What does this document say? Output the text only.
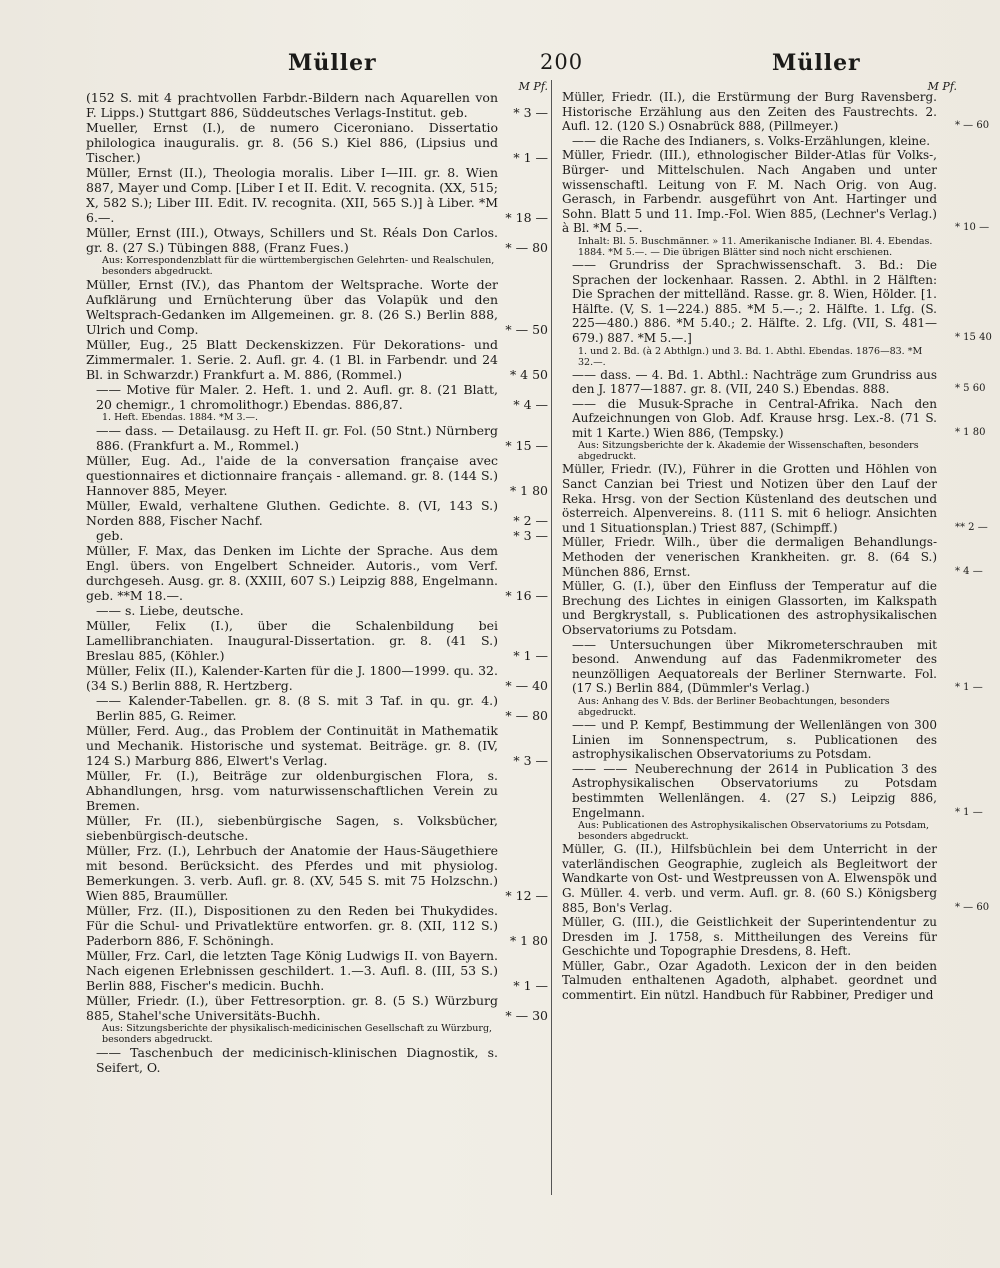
Müller	200	Müller
M Pf.

(152 S. mit 4 prachtvollen Farbdr.-Bildern nach Aquarellen von F. Lipps.) Stuttgart 886, Süddeutsches Verlags-Institut. geb.	* 3 —

Mueller, Ernst (I.), de numero Ciceroniano. Dissertatio philologica inauguralis. gr. 8. (56 S.) Kiel 886, (Lipsius und Tischer.)	* 1 —

Müller, Ernst (II.), Theologia moralis. Liber I—III. gr. 8. Wien 887, Mayer und Comp. [Liber I et II. Edit. V. recognita. (XX, 515; X, 582 S.); Liber III. Edit. IV. recognita. (XII, 565 S.)] à Liber. *M 6.—.	* 18 —

Müller, Ernst (III.), Otways, Schillers und St. Réals Don Carlos. gr. 8. (27 S.) Tübingen 888, (Franz Fues.)	* — 80

Aus: Korrespondenzblatt für die württembergischen Gelehrten- und Realschulen, besonders abgedruckt.

Müller, Ernst (IV.), das Phantom der Weltsprache. Worte der Aufklärung und Ernüchterung über das Volapük und den Weltsprach-Gedanken im Allgemeinen. gr. 8. (26 S.) Berlin 888, Ulrich und Comp.	* — 50

Müller, Eug., 25 Blatt Deckenskizzen. Für Dekorations- und Zimmermaler. 1. Serie. 2. Aufl. gr. 4. (1 Bl. in Farbendr. und 24 Bl. in Schwarzdr.) Frankfurt a. M. 886, (Rommel.)	* 4 50

—— Motive für Maler. 2. Heft. 1. und 2. Aufl. gr. 8. (21 Blatt, 20 chemigr., 1 chromolithogr.) Ebendas. 886,87.	* 4 —

1. Heft. Ebendas. 1884. *M 3.—.

—— dass. — Detailausg. zu Heft II. gr. Fol. (50 Stnt.) Nürnberg 886. (Frankfurt a. M., Rommel.)	* 15 —

Müller, Eug. Ad., l'aide de la conversation française avec questionnaires et dictionnaire français - allemand. gr. 8. (144 S.) Hannover 885, Meyer.	* 1 80

Müller, Ewald, verhaltene Gluthen. Gedichte. 8. (VI, 143 S.) Norden 888, Fischer Nachf.	* 2 —

geb.	* 3 —

Müller, F. Max, das Denken im Lichte der Sprache. Aus dem Engl. übers. von Engelbert Schneider. Autoris., vom Verf. durchgeseh. Ausg. gr. 8. (XXIII, 607 S.) Leipzig 888, Engelmann. geb. **M 18.—.	* 16 —

—— s. Liebe, deutsche.

Müller, Felix (I.), über die Schalenbildung bei Lamellibranchiaten. Inaugural-Dissertation. gr. 8. (41 S.) Breslau 885, (Köhler.)	* 1 —

Müller, Felix (II.), Kalender-Karten für die J. 1800—1999. qu. 32. (34 S.) Berlin 888, R. Hertzberg.	* — 40

—— Kalender-Tabellen. gr. 8. (8 S. mit 3 Taf. in qu. gr. 4.) Berlin 885, G. Reimer.	* — 80

Müller, Ferd. Aug., das Problem der Continuität in Mathematik und Mechanik. Historische und systemat. Beiträge. gr. 8. (IV, 124 S.) Marburg 886, Elwert's Verlag.	* 3 —

Müller, Fr. (I.), Beiträge zur oldenburgischen Flora, s. Abhandlungen, hrsg. vom naturwissenschaftlichen Verein zu Bremen.

Müller, Fr. (II.), siebenbürgische Sagen, s. Volksbücher, siebenbürgisch-deutsche.

Müller, Frz. (I.), Lehrbuch der Anatomie der Haus-Säugethiere mit besond. Berücksicht. des Pferdes und mit physiolog. Bemerkungen. 3. verb. Aufl. gr. 8. (XV, 545 S. mit 75 Holzschn.) Wien 885, Braumüller.	* 12 —

Müller, Frz. (II.), Dispositionen zu den Reden bei Thukydides. Für die Schul- und Privatlektüre entworfen. gr. 8. (XII, 112 S.) Paderborn 886, F. Schöningh.	* 1 80

Müller, Frz. Carl, die letzten Tage König Ludwigs II. von Bayern. Nach eigenen Erlebnissen geschildert. 1.—3. Aufl. 8. (III, 53 S.) Berlin 888, Fischer's medicin. Buchh.	* 1 —

Müller, Friedr. (I.), über Fettresorption. gr. 8. (5 S.) Würzburg 885, Stahel'sche Universitäts-Buchh.	* — 30

Aus: Sitzungsberichte der physikalisch-medicinischen Gesellschaft zu Würzburg, besonders abgedruckt.

—— Taschenbuch der medicinisch-klinischen Diagnostik, s. Seifert, O.

M Pf.

Müller, Friedr. (II.), die Erstürmung der Burg Ravensberg. Historische Erzählung aus den Zeiten des Faustrechts. 2. Aufl. 12. (120 S.) Osnabrück 888, (Pillmeyer.)	* — 60

—— die Rache des Indianers, s. Volks-Erzählungen, kleine.

Müller, Friedr. (III.), ethnologischer Bilder-Atlas für Volks-, Bürger- und Mittelschulen. Nach Angaben und unter wissenschaftl. Leitung von F. M. Nach Orig. von Aug. Gerasch, in Farbendr. ausgeführt von Ant. Hartinger und Sohn. Blatt 5 und 11. Imp.-Fol. Wien 885, (Lechner's Verlag.) à Bl. *M 5.—.	* 10 —

Inhalt: Bl. 5. Buschmänner. » 11. Amerikanische Indianer. Bl. 4. Ebendas. 1884. *M 5.—. — Die übrigen Blätter sind noch nicht erschienen.

—— Grundriss der Sprachwissenschaft. 3. Bd.: Die Sprachen der lockenhaar. Rassen. 2. Abthl. in 2 Hälften: Die Sprachen der mittelländ. Rasse. gr. 8. Wien, Hölder. [1. Hälfte. (V, S. 1—224.) 885. *M 5.—.; 2. Hälfte. 1. Lfg. (S. 225—480.) 886. *M 5.40.; 2. Hälfte. 2. Lfg. (VII, S. 481—679.) 887. *M 5.—.]	* 15 40

1. und 2. Bd. (à 2 Abthlgn.) und 3. Bd. 1. Abthl. Ebendas. 1876—83. *M 32.—.

—— dass. — 4. Bd. 1. Abthl.: Nachträge zum Grundriss aus den J. 1877—1887. gr. 8. (VII, 240 S.) Ebendas. 888.	* 5 60

—— die Musuk-Sprache in Central-Afrika. Nach den Aufzeichnungen von Glob. Adf. Krause hrsg. Lex.-8. (71 S. mit 1 Karte.) Wien 886, (Tempsky.)	* 1 80

Aus: Sitzungsberichte der k. Akademie der Wissenschaften, besonders abgedruckt.

Müller, Friedr. (IV.), Führer in die Grotten und Höhlen von Sanct Canzian bei Triest und Notizen über den Lauf der Reka. Hrsg. von der Section Küstenland des deutschen und österreich. Alpenvereins. 8. (111 S. mit 6 heliogr. Ansichten und 1 Situationsplan.) Triest 887, (Schimpff.)	** 2 —

Müller, Friedr. Wilh., über die dermaligen Behandlungs-Methoden der venerischen Krankheiten. gr. 8. (64 S.) München 886, Ernst.	* 4 —

Müller, G. (I.), über den Einfluss der Temperatur auf die Brechung des Lichtes in einigen Glassorten, im Kalkspath und Bergkrystall, s. Publicationen des astrophysikalischen Observatoriums zu Potsdam.

—— Untersuchungen über Mikrometerschrauben mit besond. Anwendung auf das Fadenmikrometer des neunzölligen Aequatoreals der Berliner Sternwarte. Fol. (17 S.) Berlin 884, (Dümmler's Verlag.)	* 1 —

Aus: Anhang des V. Bds. der Berliner Beobachtungen, besonders abgedruckt.

—— und P. Kempf, Bestimmung der Wellenlängen von 300 Linien im Sonnenspectrum, s. Publicationen des astrophysikalischen Observatoriums zu Potsdam.

—— —— Neuberechnung der 2614 in Publication 3 des Astrophysikalischen Observatoriums zu Potsdam bestimmten Wellenlängen. 4. (27 S.) Leipzig 886, Engelmann.	* 1 —

Aus: Publicationen des Astrophysikalischen Observatoriums zu Potsdam, besonders abgedruckt.

Müller, G. (II.), Hilfsbüchlein bei dem Unterricht in der vaterländischen Geographie, zugleich als Begleitwort der Wandkarte von Ost- und Westpreussen von A. Elwenspök und G. Müller. 4. verb. und verm. Aufl. gr. 8. (60 S.) Königsberg 885, Bon's Verlag.	* — 60

Müller, G. (III.), die Geistlichkeit der Superintendentur zu Dresden im J. 1758, s. Mittheilungen des Vereins für Geschichte und Topographie Dresdens, 8. Heft.

Müller, Gabr., Ozar Agadoth. Lexicon der in den beiden Talmuden enthaltenen Agadoth, alphabet. geordnet und commentirt. Ein nützl. Handbuch für Rabbiner, Prediger und
